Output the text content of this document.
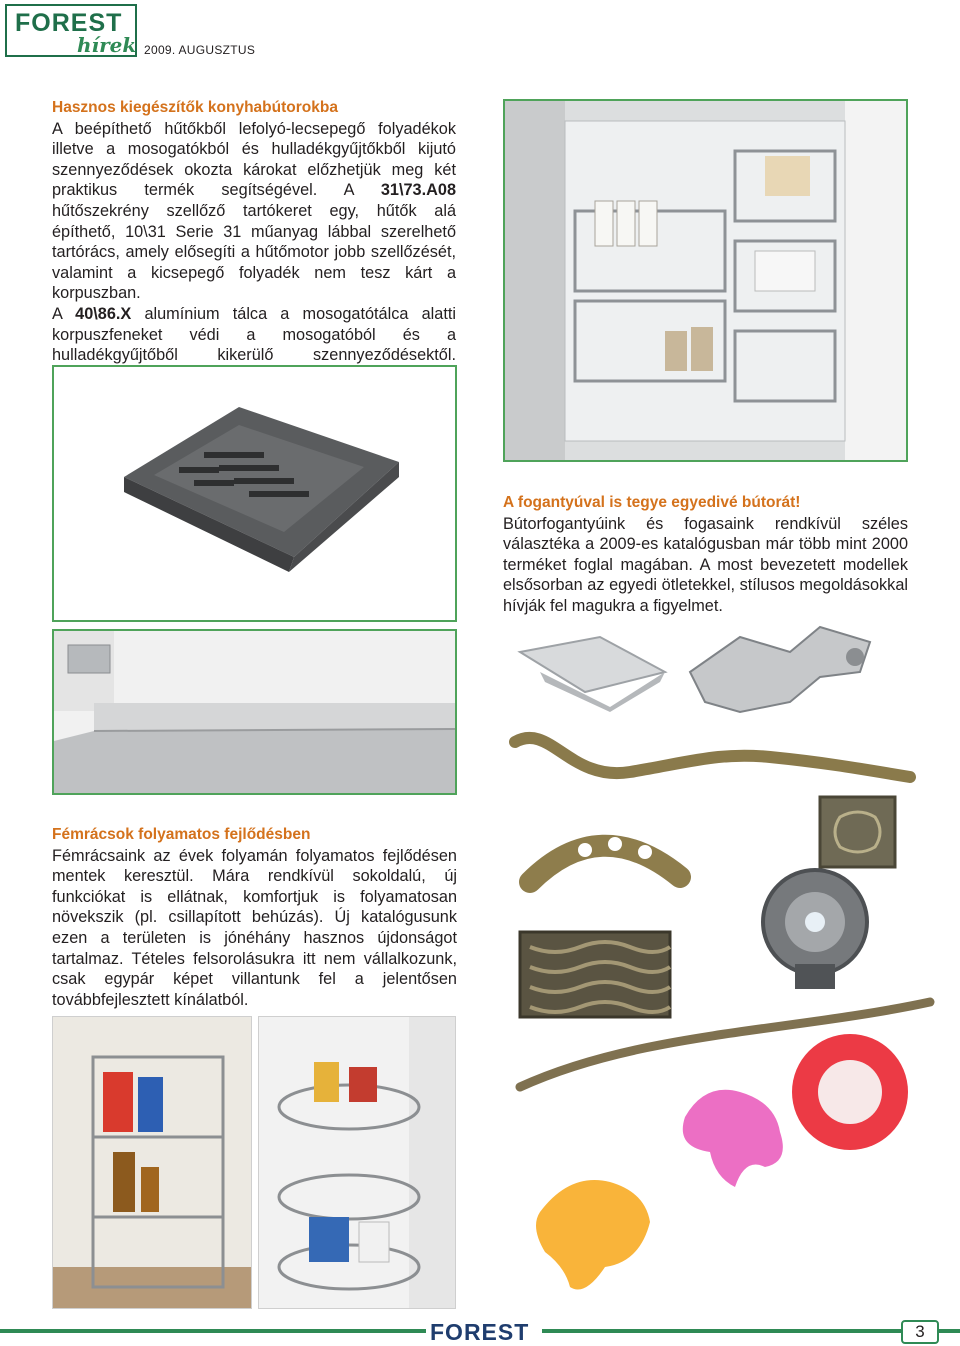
FOREST
hírek 2009. AUGUSZTUS
Hasznos kiegészítők konyhabútorokba

A beépíthető hűtőkből lefolyó-lecsepegő folyadékok illetve a mosogatókból és hulladékgyűjtőkből kijutó szennyeződések okozta károkat előzhetjük meg két praktikus termék segítségével. A 31\73.A08 hűtőszekrény szellőző tartókeret egy, hűtők alá építhető, 10\31 Serie 31 műanyag lábbal szerelhető tartórács, amely elősegíti a hűtőmotor jobb szellőzését, valamint a kicsepegő folyadék nem tesz kárt a korpuszban.

A 40\86.X alumínium tálca a mosogatótálca alatti korpuszfeneket védi a mosogatóból és a hulladékgyűjtőből kikerülő szennyeződésektől.

A fogantyúval is tegye egyedivé bútorát!

Bútorfogantyúink és fogasaink rendkívül széles választéka a 2009-es katalógusban már több mint 2000 terméket foglal magában. A most bevezetett modellek elsősorban az egyedi ötletekkel, stílusos megoldásokkal hívják fel magukra a figyelmet.

Fémrácsok folyamatos fejlődésben

Fémrácsaink az évek folyamán folyamatos fejlődésen mentek keresztül. Mára rendkívül sokoldalú, új funkciókat is ellátnak, komfortjuk is folyamatosan növekszik (pl. csillapított behúzás). Új katalógusunk ezen a területen is jónéhány hasznos újdonságot tartalmaz. Tételes felsorolásukra itt nem vállalkozunk, csak egypár képet villantunk fel a jelentősen továbbfejlesztett kínálatból.

FOREST	3
